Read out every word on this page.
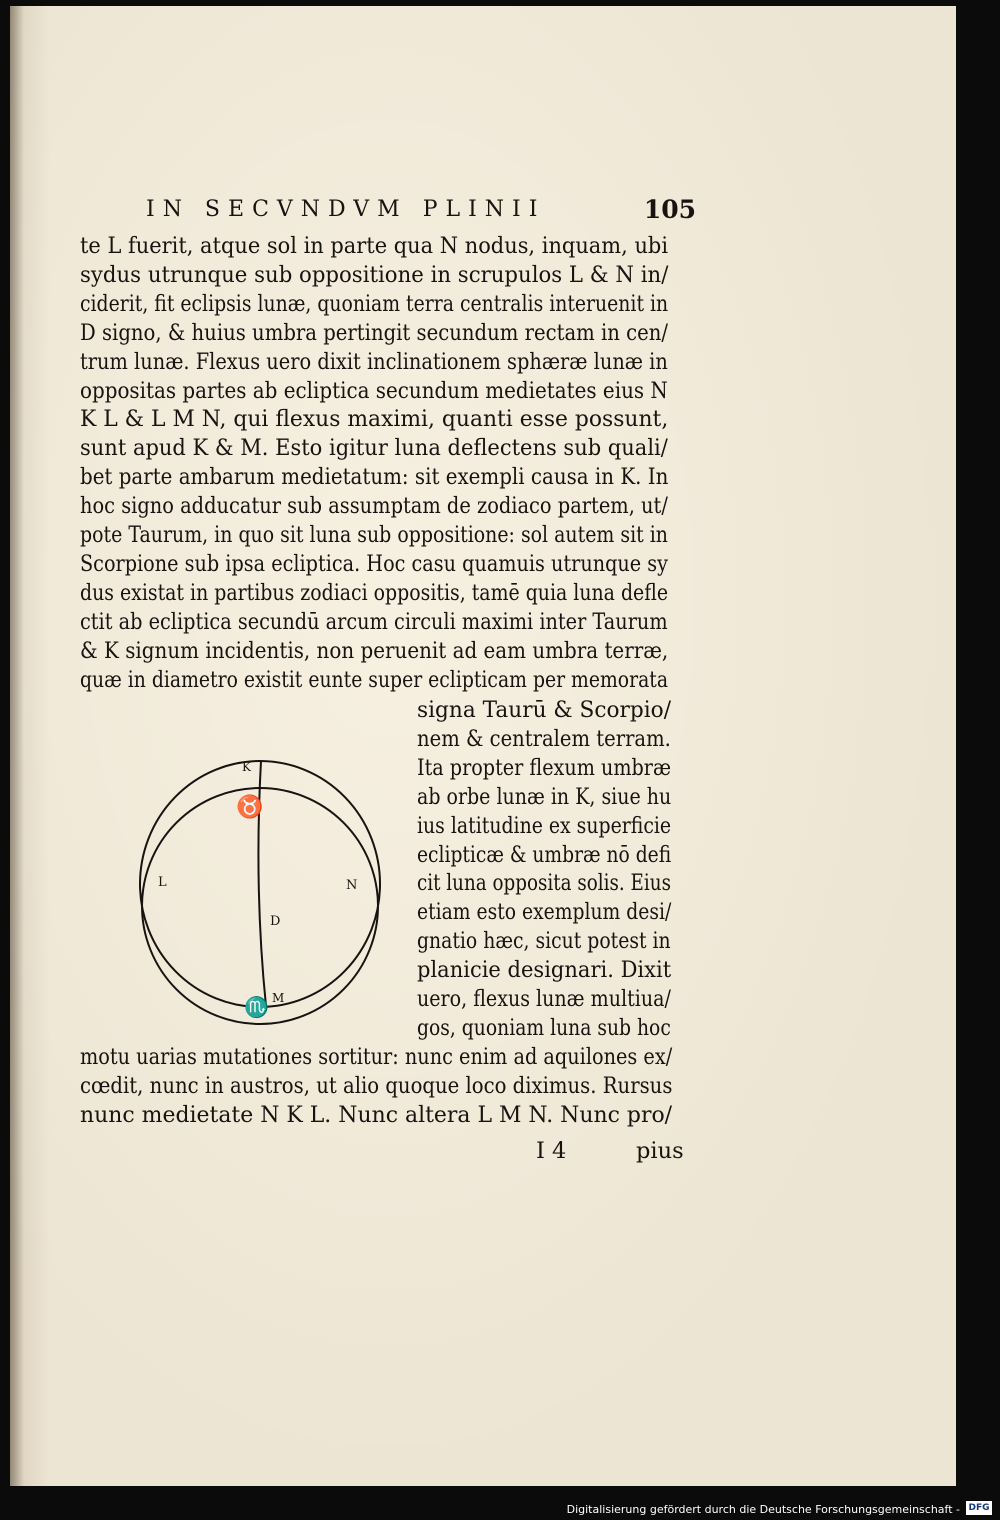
IN SECVNDVM PLINII	105
te L fuerit, atque sol in parte qua N nodus, inquam, ubi
sydus utrunque sub oppositione in scrupulos L & N in/
ciderit, fit eclipsis lunæ, quoniam terra centralis interuenit in
D signo, & huius umbra pertingit secundum rectam in cen/
trum lunæ. Flexus uero dixit inclinationem sphæræ lunæ in
oppositas partes ab ecliptica secundum medietates eius N
K L & L M N, qui flexus maximi, quanti esse possunt,
sunt apud K & M. Esto igitur luna deflectens sub quali/
bet parte ambarum medietatum: sit exempli causa in K. In
hoc signo adducatur sub assumptam de zodiaco partem, ut/
pote Taurum, in quo sit luna sub oppositione: sol autem sit in
Scorpione sub ipsa ecliptica. Hoc casu quamuis utrunque sy
dus existat in partibus zodiaci oppositis, tamē quia luna defle
ctit ab ecliptica secundū arcum circuli maximi inter Taurum
& K signum incidentis, non peruenit ad eam umbra terræ,
quæ in diametro existit eunte super eclipticam per memorata
signa Taurū & Scorpio/
nem & centralem terram.
Ita propter flexum umbræ
ab orbe lunæ in K, siue hu
ius latitudine ex superficie
eclipticæ & umbræ nō defi
cit luna opposita solis. Eius
etiam esto exemplum desi/
gnatio hæc, sicut potest in
planicie designari. Dixit
uero, flexus lunæ multiua/
gos, quoniam luna sub hoc
motu uarias mutationes sortitur: nunc enim ad aquilones ex/
cœdit, nunc in austros, ut alio quoque loco diximus. Rursus
nunc medietate N K L. Nunc altera L M N. Nunc pro/
I 4	pius
K
♉
L	N
D
♏ M
Digitalisierung gefördert durch die Deutsche Forschungsgemeinschaft - DFG
